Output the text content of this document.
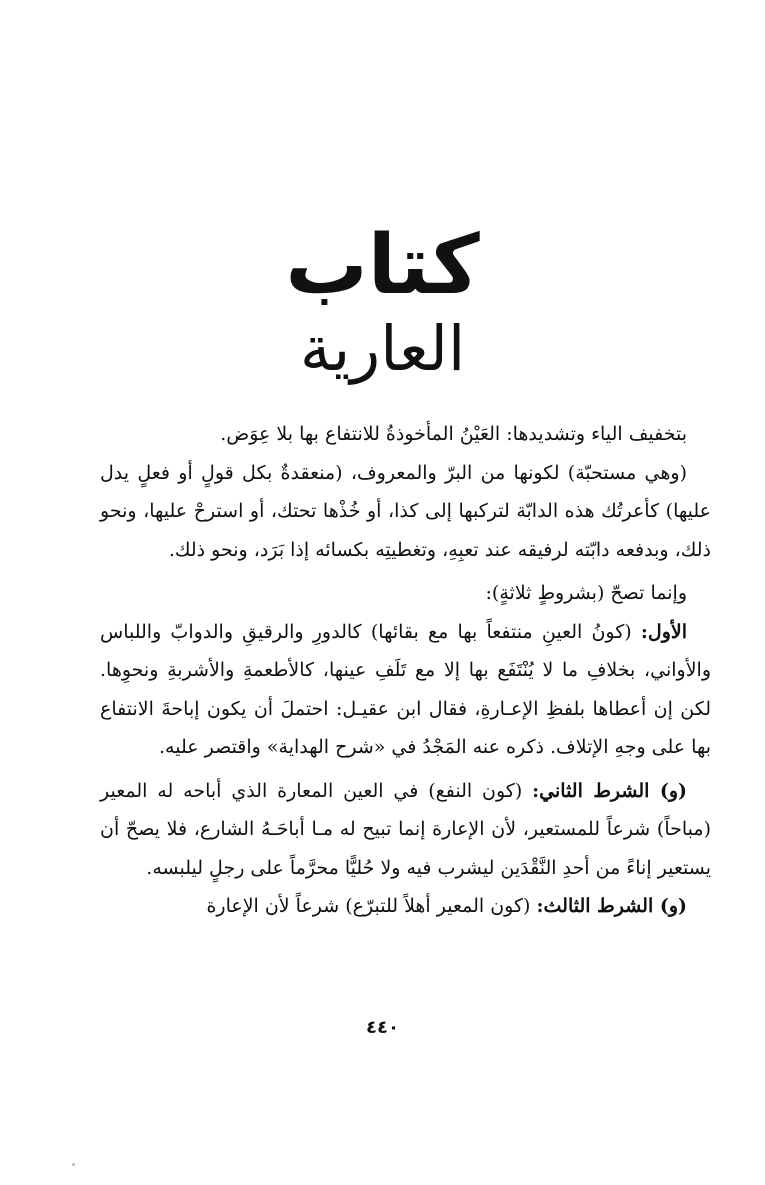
كتاب
العارية

بتخفيف الياء وتشديدها: العَيْنُ المأخوذةُ للانتفاع بها بلا عِوَض.

(وهي مستحبّة) لكونها من البرّ والمعروف، (منعقدةٌ بكل قولٍ أو فعلٍ يدل عليها) كأعرتُك هذه الدابّة لتركبها إلى كذا، أو خُذْها تحتك، أو استرحْ عليها، ونحو ذلك، وبدفعه دابّته لرفيقه عند تعبِهِ، وتغطيتِه بكسائه إذا بَرَد، ونحو ذلك.

وإنما تصحّ (بشروطٍ ثلاثةٍ):

الأول: (كونُ العينِ منتفعاً بها مع بقائها) كالدورِ والرقيقِ والدوابّ واللباس والأواني، بخلافِ ما لا يُنْتَفَع بها إلا مع تَلَفِ عينها، كالأطعمةِ والأشربةِ ونحوِها. لكن إن أعطاها بلفظِ الإعـارةِ، فقال ابن عقيـل: احتملَ أن يكون إباحةَ الانتفاع بها على وجهِ الإتلاف. ذكره عنه المَجْدُ في «شرح الهداية» واقتصر عليه.

(و) الشرط الثاني: (كون النفع) في العين المعارة الذي أباحه له المعير (مباحاً) شرعاً للمستعير، لأن الإعارة إنما تبيح له مـا أباحَـهُ الشارع، فلا يصحّ أن يستعير إناءً من أحدِ النَّقْدَين ليشرب فيه ولا حُليًّا محرَّماً على رجلٍ ليلبسه.

(و) الشرط الثالث: (كون المعير أهلاً للتبرّع) شرعاً لأن الإعارة

٤٤٠
